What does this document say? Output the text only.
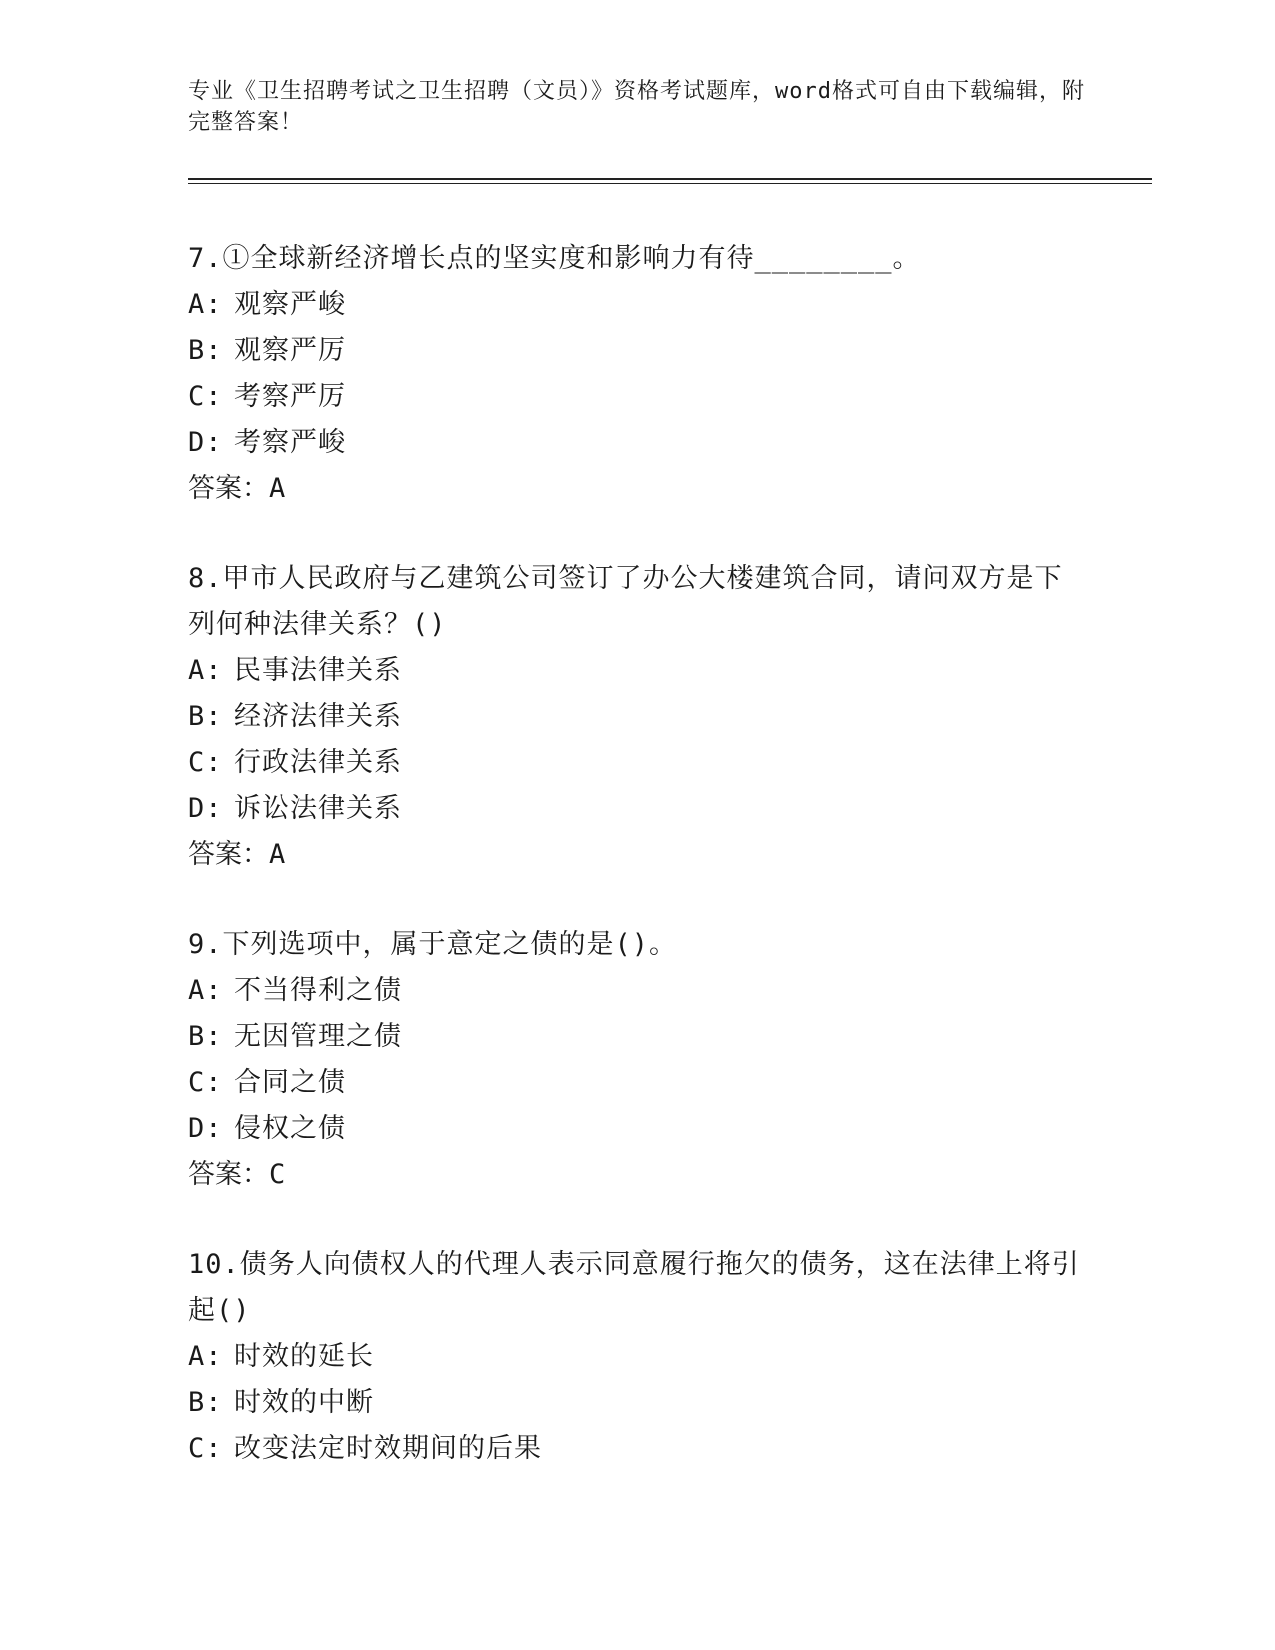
专业《卫生招聘考试之卫生招聘（文员）》资格考试题库，word格式可自由下载编辑，附完整答案！
7.①全球新经济增长点的坚实度和影响力有待________。
A: 观察严峻
B: 观察严厉
C: 考察严厉
D: 考察严峻
答案：A
8.甲市人民政府与乙建筑公司签订了办公大楼建筑合同，请问双方是下列何种法律关系？()
A: 民事法律关系
B: 经济法律关系
C: 行政法律关系
D: 诉讼法律关系
答案：A
9.下列选项中，属于意定之债的是()。
A: 不当得利之债
B: 无因管理之债
C: 合同之债
D: 侵权之债
答案：C
10.债务人向债权人的代理人表示同意履行拖欠的债务，这在法律上将引起()
A: 时效的延长
B: 时效的中断
C: 改变法定时效期间的后果
